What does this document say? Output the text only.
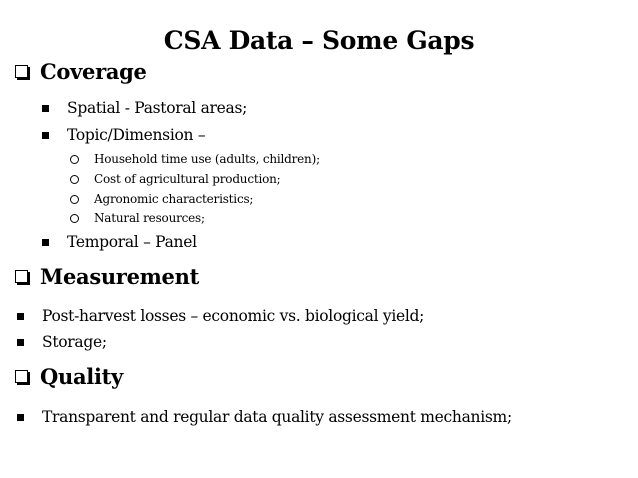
CSA Data – Some Gaps
Coverage
Spatial - Pastoral areas;
Topic/Dimension –
Household time use (adults, children);
Cost of agricultural production;
Agronomic characteristics;
Natural resources;
Temporal – Panel
Measurement
Post-harvest losses – economic vs. biological yield;
Storage;
Quality
Transparent and regular data quality assessment mechanism;
